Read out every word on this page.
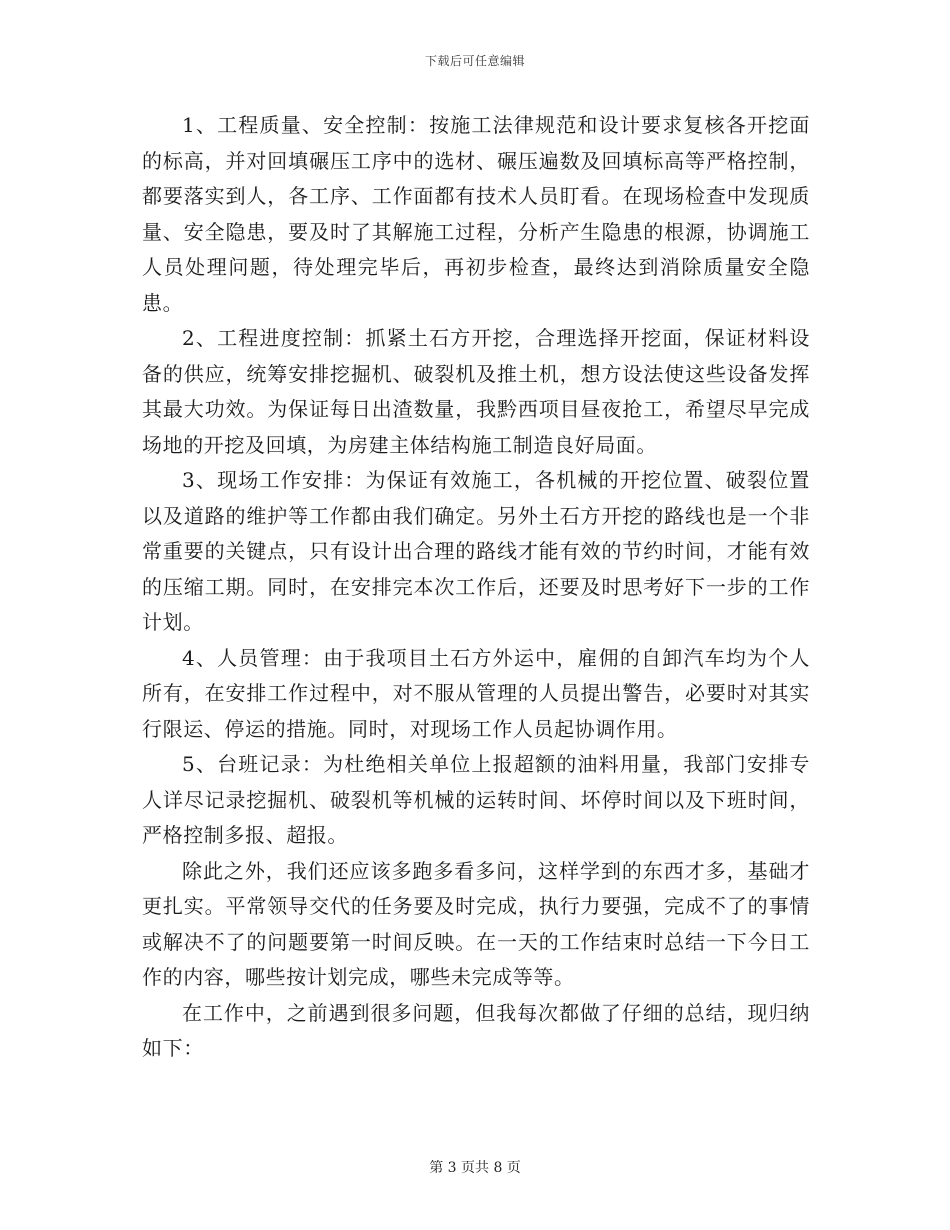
下载后可任意编辑

1、工程质量、安全控制：按施工法律规范和设计要求复核各开挖面的标高，并对回填碾压工序中的选材、碾压遍数及回填标高等严格控制，都要落实到人，各工序、工作面都有技术人员盯看。在现场检查中发现质量、安全隐患，要及时了其解施工过程，分析产生隐患的根源，协调施工人员处理问题，待处理完毕后，再初步检查，最终达到消除质量安全隐患。

2、工程进度控制：抓紧土石方开挖，合理选择开挖面，保证材料设备的供应，统筹安排挖掘机、破裂机及推土机，想方设法使这些设备发挥其最大功效。为保证每日出渣数量，我黔西项目昼夜抢工，希望尽早完成场地的开挖及回填，为房建主体结构施工制造良好局面。

3、现场工作安排：为保证有效施工，各机械的开挖位置、破裂位置以及道路的维护等工作都由我们确定。另外土石方开挖的路线也是一个非常重要的关键点，只有设计出合理的路线才能有效的节约时间，才能有效的压缩工期。同时，在安排完本次工作后，还要及时思考好下一步的工作计划。

4、人员管理：由于我项目土石方外运中，雇佣的自卸汽车均为个人所有，在安排工作过程中，对不服从管理的人员提出警告，必要时对其实行限运、停运的措施。同时，对现场工作人员起协调作用。

5、台班记录：为杜绝相关单位上报超额的油料用量，我部门安排专人详尽记录挖掘机、破裂机等机械的运转时间、坏停时间以及下班时间，严格控制多报、超报。

除此之外，我们还应该多跑多看多问，这样学到的东西才多，基础才更扎实。平常领导交代的任务要及时完成，执行力要强，完成不了的事情或解决不了的问题要第一时间反映。在一天的工作结束时总结一下今日工作的内容，哪些按计划完成，哪些未完成等等。

在工作中，之前遇到很多问题，但我每次都做了仔细的总结，现归纳如下：

第 3 页共 8 页
